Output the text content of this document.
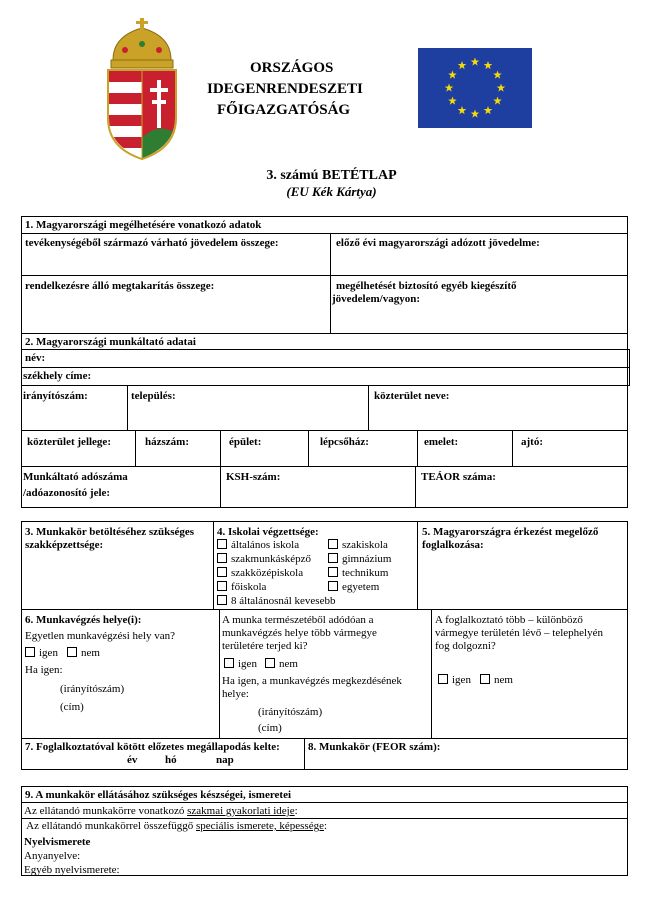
ORSZÁGOS
IDEGENRENDESZETI
FŐIGAZGATÓSÁG
3. számú BETÉTLAP
(EU Kék Kártya)
1. Magyarországi megélhetésére vonatkozó adatok
tevékenységéből származó várható jövedelem összege:	előző évi magyarországi adózott jövedelme:
rendelkezésre álló megtakarítás összege:	megélhetését biztosító egyéb kiegészítő
jövedelem/vagyon:
2. Magyarországi munkáltató adatai
név:
székhely címe:
irányítószám:	település:	közterület neve:
közterület jellege:	házszám:	épület:	lépcsőház:	emelet:	ajtó:
Munkáltató adószáma
/adóazonosító jele:
KSH-szám:	TEÁOR száma:
3. Munkakör betöltéséhez szükséges
szakképzettsége:
4. Iskolai végzettsége:
általános iskola
szakmunkásképző
szakközépiskola
főiskola
szakiskola
gimnázium
technikum
egyetem
8 általánosnál kevesebb
5. Magyarországra érkezést megelőző
foglalkozása:
6. Munkavégzés helye(i):
Egyetlen munkavégzési hely van?
igen	nem
Ha igen:
(irányítószám)
(cím)
A munka természetéből adódóan a
munkavégzés helye több vármegye
területére terjed ki?
igen	nem
Ha igen, a munkavégzés megkezdésének
helye:
(irányítószám)
(cím)
A foglalkoztató több – különböző
vármegye területén lévő – telephelyén
fog dolgozni?
igen	nem
7. Foglalkoztatóval kötött előzetes megállapodás kelte:
év	hó	nap
8. Munkakör (FEOR szám):
9. A munkakör ellátásához szükséges készségei, ismeretei
Az ellátandó munkakörre vonatkozó szakmai gyakorlati ideje:
Az ellátandó munkakörrel összefüggő speciális ismerete, képessége:
Nyelvismerete
Anyanyelve:
Egyéb nyelvismerete:
